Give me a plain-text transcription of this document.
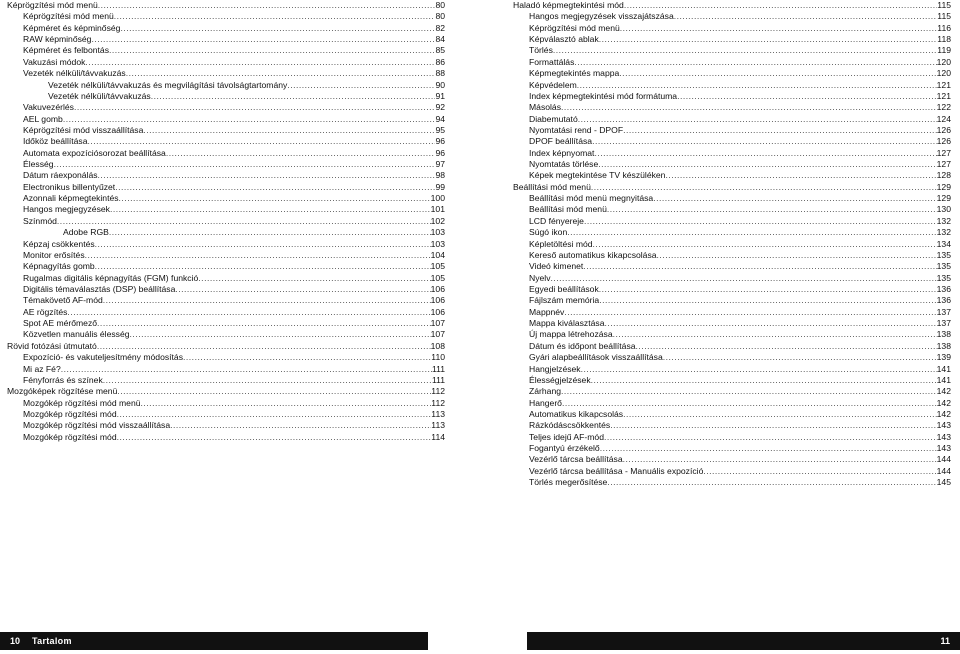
Képrögzítési mód menü .....	80
Képrögzítési mód menü .....	80
Képméret és képminőség .....	82
RAW képminőség .....	84
Képméret és felbontás .....	85
Vakuzási módok .....	86
Vezeték nélküli/távvakuzás .....	88
Vezeték nélküli/távvakuzás és megvilágítási távolságtartomány .....	90
Vezeték nélküli/távvakuzás .....	91
Vakuvezérlés .....	92
AEL gomb .....	94
Képrögzítési mód visszaállítása .....	95
Időköz beállítása .....	96
Automata expozíciósorozat beállítása .....	96
Élesség .....	97
Dátum ráexponálás .....	98
Electronikus billentyűzet .....	99
Azonnali képmegtekintés .....	100
Hangos megjegyzések .....	101
Színmód .....	102
Adobe RGB .....	103
Képzaj csökkentés .....	103
Monitor erősítés .....	104
Képnagyítás gomb .....	105
Rugalmas digitális képnagyítás (FGM) funkció .....	105
Digitális témaválasztás (DSP) beállítása .....	106
Témakövető AF-mód .....	106
AE rögzítés .....	106
Spot AE mérőmező .....	107
Közvetlen manuális élesség .....	107
Rövid fotózási útmutató .....	108
Expozíció- és vakuteljesítmény módosítás .....	110
Mi az Fé? .....	111
Fényforrás és színek .....	111
Mozgóképek rögzítése menü .....	112
Mozgókép rögzítési mód menü .....	112
Mozgókép rögzítési mód .....	113
Mozgókép rögzítési mód visszaállítása .....	113
Mozgókép rögzítési mód .....	114
Haladó képmegtekintési mód .....	115
Hangos megjegyzések visszajátszása .....	115
Képrögzítési mód menü .....	116
Képválasztó ablak .....	118
Törlés .....	119
Formattálás .....	120
Képmegtekintés mappa .....	120
Képvédelem .....	121
Index képmegtekintési mód formátuma .....	121
Másolás .....	122
Diabemutató .....	124
Nyomtatási rend - DPOF .....	126
DPOF beállítása .....	126
Index képnyomat .....	127
Nyomtatás törlése .....	127
Képek megtekintése TV készüléken .....	128
Beállítási mód menü .....	129
Beállítási mód menü megnyitása .....	129
Beállítási mód menü .....	130
LCD fényereje .....	132
Súgó ikon .....	132
Képletöltési mód .....	134
Kereső automatikus kikapcsolása .....	135
Videó kimenet .....	135
Nyelv .....	135
Egyedi beállítások .....	136
Fájlszám memória .....	136
Mappnév .....	137
Mappa kiválasztása .....	137
Új mappa létrehozása .....	138
Dátum és időpont beállítása .....	138
Gyári alapbeállítások visszaállítása .....	139
Hangjelzések .....	141
Élességjelzések .....	141
Zárhang .....	142
Hangerő .....	142
Automatikus kikapcsolás .....	142
Rázkódáscsökkentés .....	143
Teljes idejű AF-mód .....	143
Fogantyú érzékelő .....	143
Vezérlő tárcsa beállítása .....	144
Vezérlő tárcsa beállítása - Manuális expozíció .....	144
Törlés megerősítése .....	145
10 Tartalom	11
